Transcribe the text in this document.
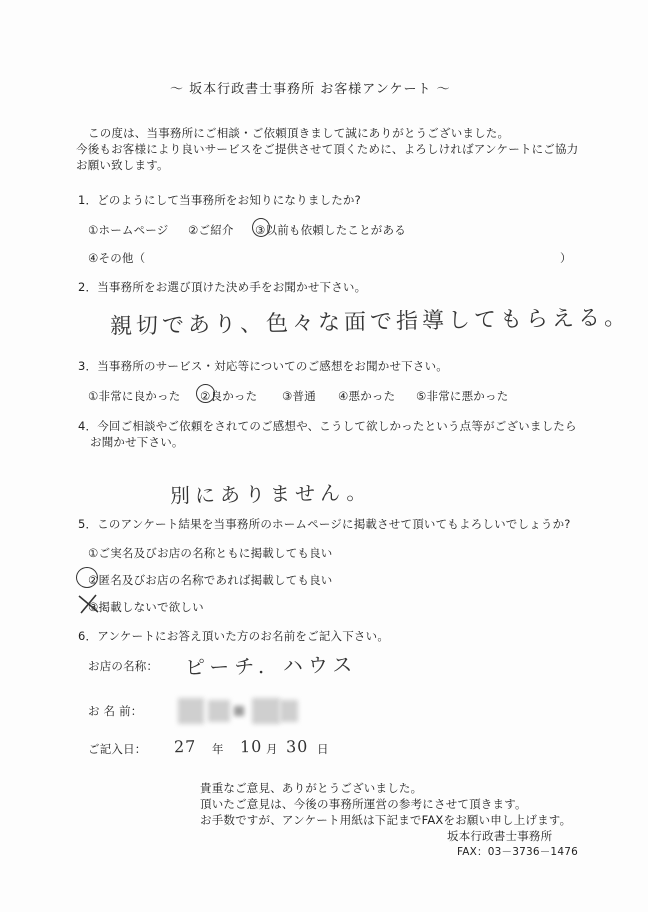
～ 坂本行政書士事務所 お客様アンケート ～
この度は、当事務所にご相談・ご依頼頂きまして誠にありがとうございました。
今後もお客様により良いサービスをご提供させて頂くために、よろしければアンケートにご協力
お願い致します。
1．どのようにして当事務所をお知りになりましたか?
①ホームページ ②ご紹介 ③以前も依頼したことがある
④その他（	）
2．当事務所をお選び頂けた決め手をお聞かせ下さい。
親切であり、色々な面で指導してもらえる。
3．当事務所のサービス・対応等についてのご感想をお聞かせ下さい。
①非常に良かった ②良かった ③普通 ④悪かった ⑤非常に悪かった
4．今回ご相談やご依頼をされてのご感想や、こうして欲しかったという点等がございましたら
お聞かせ下さい。
別にありません。
5．このアンケート結果を当事務所のホームページに掲載させて頂いてもよろしいでしょうか?
①ご実名及びお店の名称ともに掲載しても良い
②匿名及びお店の名称であれば掲載しても良い
③掲載しないで欲しい
6．アンケートにお答え頂いた方のお名前をご記入下さい。
お店の名称： ピーチ．ハウス
お 名 前：
ご記入日： 27 年 10 月 30 日
貴重なご意見、ありがとうございました。
頂いたご意見は、今後の事務所運営の参考にさせて頂きます。
お手数ですが、アンケート用紙は下記までFAXをお願い申し上げます。
坂本行政書士事務所
FAX：03－3736－1476
